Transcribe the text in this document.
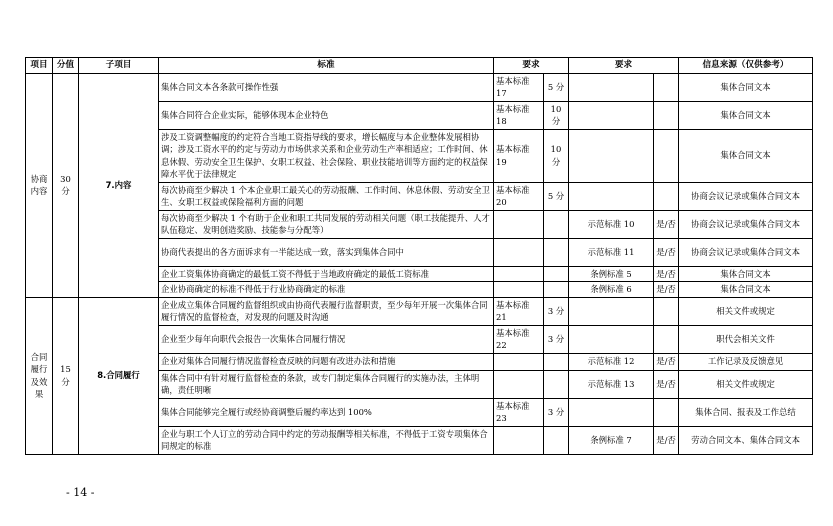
项目	分值	子项目	标准	要求		要求		信息来源（仅供参考）
协商内容	30 分	7.内容	集体合同文本各条款可操作性强	基本标准 17	5 分			集体合同文本
			集体合同符合企业实际，能够体现本企业特色	基本标准 18	10 分			集体合同文本
			涉及工资调整幅度的约定符合当地工资指导线的要求，增长幅度与本企业整体发展相协调；涉及工资水平的约定与劳动力市场供求关系和企业劳动生产率相适应；工作时间、休息休假、劳动安全卫生保护、女职工权益、社会保险、职业技能培训等方面约定的权益保障水平优于法律规定	基本标准 19	10 分			集体合同文本
			每次协商至少解决 1 个本企业职工最关心的劳动报酬、工作时间、休息休假、劳动安全卫生、女职工权益或保险福利方面的问题	基本标准 20	5 分			协商会议记录或集体合同文本
			每次协商至少解决 1 个有助于企业和职工共同发展的劳动相关问题（职工技能提升、人才队伍稳定、发明创造奖励、技能参与分配等）			示范标准 10	是/否	协商会议记录或集体合同文本
			协商代表提出的各方面诉求有一半能达成一致，落实到集体合同中			示范标准 11	是/否	协商会议记录或集体合同文本
			企业工资集体协商确定的最低工资不得低于当地政府确定的最低工资标准			条例标准 5	是/否	集体合同文本
			企业协商确定的标准不得低于行业协商确定的标准			条例标准 6	是/否	集体合同文本
合同履行及效果	15 分	8.合同履行	企业成立集体合同履约监督组织或由协商代表履行监督职责，至少每年开展一次集体合同履行情况的监督检查，对发现的问题及时沟通	基本标准 21	3 分			相关文件或规定
			企业至少每年向职代会报告一次集体合同履行情况	基本标准 22	3 分			职代会相关文件
			企业对集体合同履行情况监督检查反映的问题有改进办法和措施			示范标准 12	是/否	工作记录及反馈意见
			集体合同中有针对履行监督检查的条款，或专门制定集体合同履行的实施办法，主体明确，责任明晰			示范标准 13	是/否	相关文件或规定
			集体合同能够完全履行或经协商调整后履约率达到 100%	基本标准 23	3 分			集体合同、报表及工作总结
			企业与职工个人订立的劳动合同中约定的劳动报酬等相关标准，不得低于工资专项集体合同规定的标准			条例标准 7	是/否	劳动合同文本、集体合同文本
- 14 -
